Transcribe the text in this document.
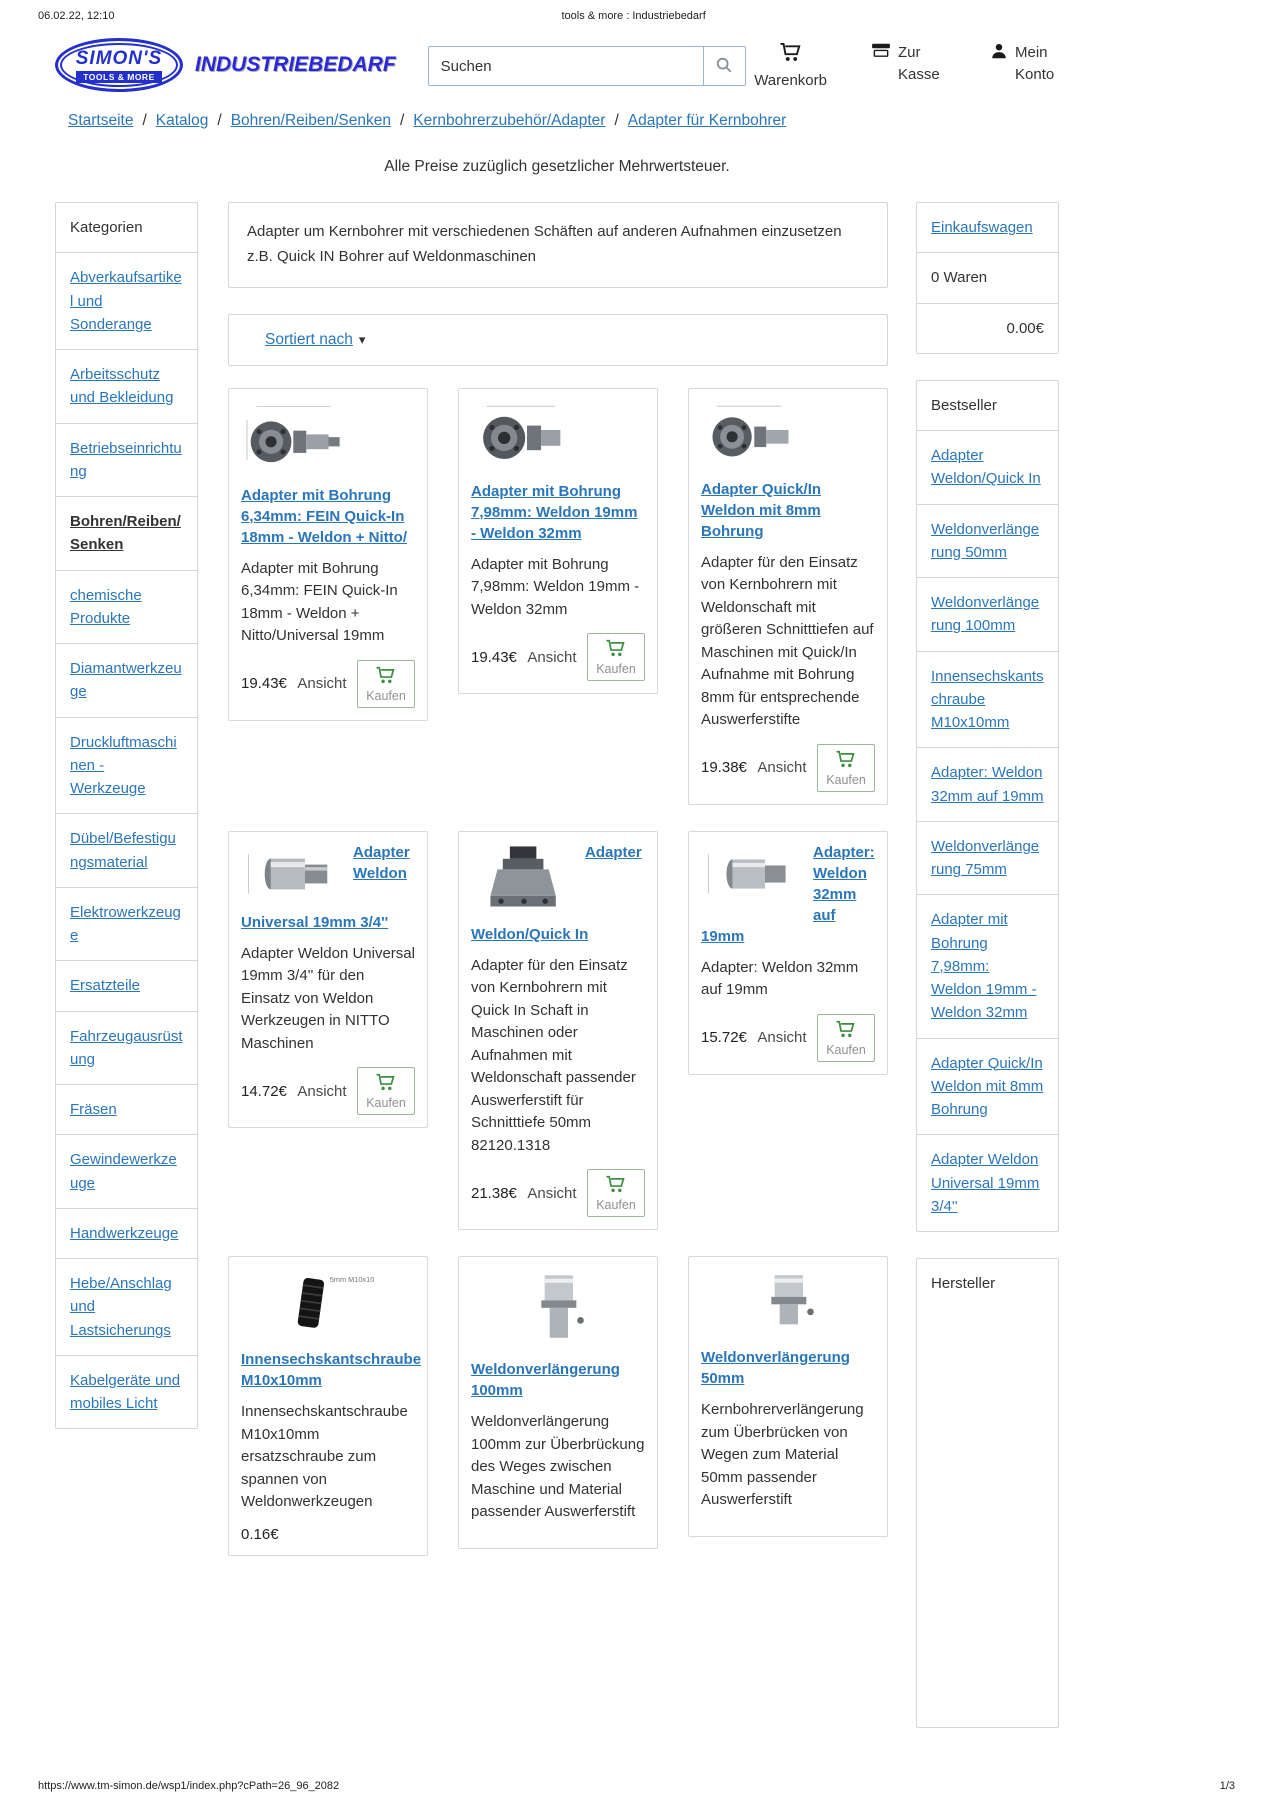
06.02.22, 12:10	tools & more : Industriebedarf
SIMON'S
TOOLS & MORE
INDUSTRIEBEDARF
Suchen
Warenkorb
Zur Kasse
Mein Konto
Startseite / Katalog / Bohren/Reiben/Senken / Kernbohrerzubehör/Adapter / Adapter für Kernbohrer
Alle Preise zuzüglich gesetzlicher Mehrwertsteuer.
Kategorien
Abverkaufsartikel und Sonderange
Arbeitsschutz und Bekleidung
Betriebseinrichtung
Bohren/Reiben/Senken
chemische Produkte
Diamantwerkzeuge
Druckluftmaschinen - Werkzeuge
Dübel/Befestigungsmaterial
Elektrowerkzeuge
Ersatzteile
Fahrzeugausrüstung
Fräsen
Gewindewerkzeuge
Handwerkzeuge
Hebe/Anschlag und Lastsicherungs
Kabelgeräte und mobiles Licht
Adapter um Kernbohrer mit verschiedenen Schäften auf anderen Aufnahmen einzusetzen z.B. Quick IN Bohrer auf Weldonmaschinen
Sortiert nach▾
Adapter mit Bohrung 6,34mm: FEIN Quick-In 18mm - Weldon + Nitto/

Adapter mit Bohrung 6,34mm: FEIN Quick-In 18mm - Weldon + Nitto/Universal 19mm

19.43€ Ansicht
Kaufen
Adapter mit Bohrung 7,98mm: Weldon 19mm - Weldon 32mm

Adapter mit Bohrung 7,98mm: Weldon 19mm - Weldon 32mm

19.43€ Ansicht
Kaufen
Adapter Quick/In Weldon mit 8mm Bohrung

Adapter für den Einsatz von Kernbohrern mit Weldonschaft mit größeren Schnitttiefen auf Maschinen mit Quick/In Aufnahme mit Bohrung 8mm für entsprechende Auswerferstifte

19.38€ Ansicht
Kaufen
Adapter Weldon Universal 19mm 3/4''

Adapter Weldon Universal 19mm 3/4'' für den Einsatz von Weldon Werkzeugen in NITTO Maschinen

14.72€ Ansicht
Kaufen
Adapter Weldon/Quick In

Adapter für den Einsatz von Kernbohrern mit Quick In Schaft in Maschinen oder Aufnahmen mit Weldonschaft passender Auswerferstift für Schnitttiefe 50mm 82120.1318

21.38€ Ansicht
Kaufen
Adapter: Weldon 32mm auf 19mm

Adapter: Weldon 32mm auf 19mm

15.72€ Ansicht
Kaufen
5mm M10x10
Innensechskantschraube M10x10mm

Innensechskantschraube M10x10mm ersatzschraube zum spannen von Weldonwerkzeugen

0.16€
Weldonverlängerung 100mm

Weldonverlängerung 100mm zur Überbrückung des Weges zwischen Maschine und Material passender Auswerferstift

Weldonverlängerung 50mm

Kernbohrerverlängerung zum Überbrücken von Wegen zum Material 50mm passender Auswerferstift

Einkaufswagen
0 Waren
0.00€
Bestseller
Adapter Weldon/Quick In
Weldonverlängerung 50mm
Weldonverlängerung 100mm
Innensechskantschraube M10x10mm
Adapter: Weldon 32mm auf 19mm
Weldonverlängerung 75mm
Adapter mit Bohrung 7,98mm: Weldon 19mm - Weldon 32mm
Adapter Quick/In Weldon mit 8mm Bohrung
Adapter Weldon Universal 19mm 3/4''
Hersteller
https://www.tm-simon.de/wsp1/index.php?cPath=26_96_2082	1/3
